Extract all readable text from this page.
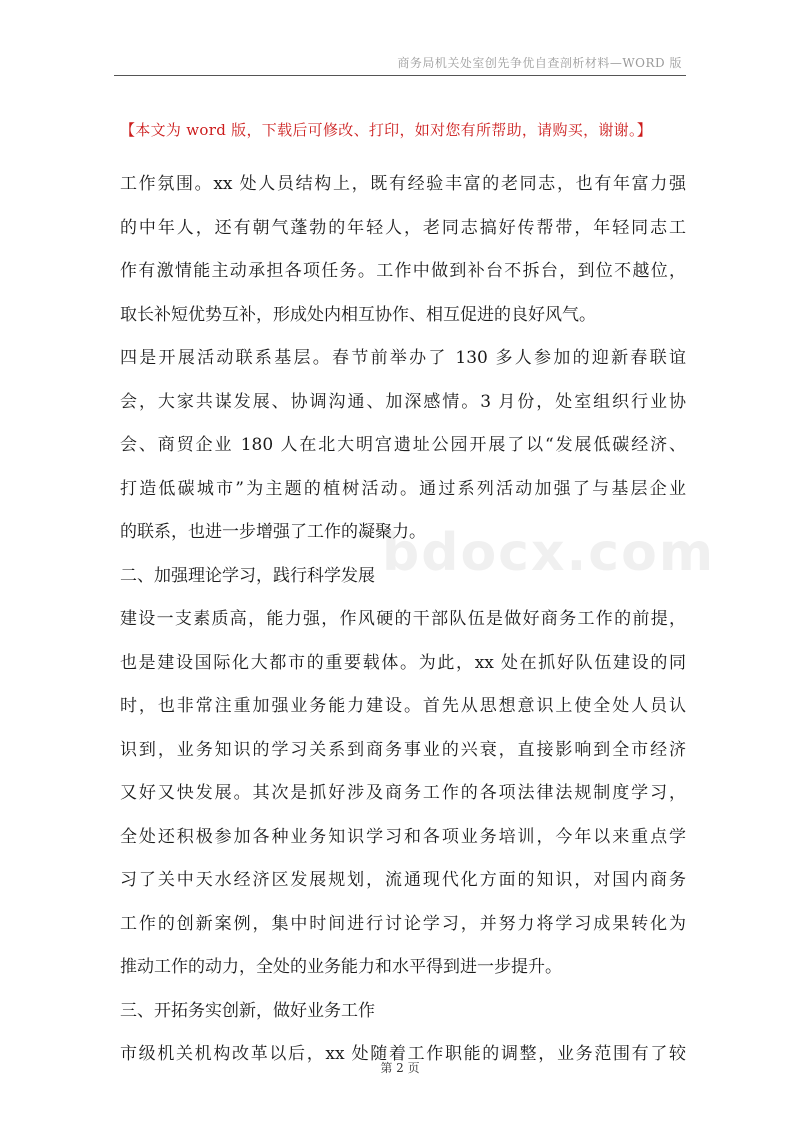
商务局机关处室创先争优自查剖析材料—WORD 版
【本文为 word 版，下载后可修改、打印，如对您有所帮助，请购买，谢谢。】
bdocx.com
工作氛围。xx 处人员结构上，既有经验丰富的老同志，也有年富力强
的中年人，还有朝气蓬勃的年轻人，老同志搞好传帮带，年轻同志工
作有激情能主动承担各项任务。工作中做到补台不拆台，到位不越位，
取长补短优势互补，形成处内相互协作、相互促进的良好风气。
四是开展活动联系基层。春节前举办了 130 多人参加的迎新春联谊
会，大家共谋发展、协调沟通、加深感情。3 月份，处室组织行业协
会、商贸企业 180 人在北大明宫遗址公园开展了以“发展低碳经济、
打造低碳城市”为主题的植树活动。通过系列活动加强了与基层企业
的联系，也进一步增强了工作的凝聚力。
二、加强理论学习，践行科学发展
建设一支素质高，能力强，作风硬的干部队伍是做好商务工作的前提，
也是建设国际化大都市的重要载体。为此，xx 处在抓好队伍建设的同
时，也非常注重加强业务能力建设。首先从思想意识上使全处人员认
识到，业务知识的学习关系到商务事业的兴衰，直接影响到全市经济
又好又快发展。其次是抓好涉及商务工作的各项法律法规制度学习，
全处还积极参加各种业务知识学习和各项业务培训，今年以来重点学
习了关中天水经济区发展规划，流通现代化方面的知识，对国内商务
工作的创新案例，集中时间进行讨论学习，并努力将学习成果转化为
推动工作的动力，全处的业务能力和水平得到进一步提升。
三、开拓务实创新，做好业务工作
市级机关机构改革以后，xx 处随着工作职能的调整，业务范围有了较
第 2 页
